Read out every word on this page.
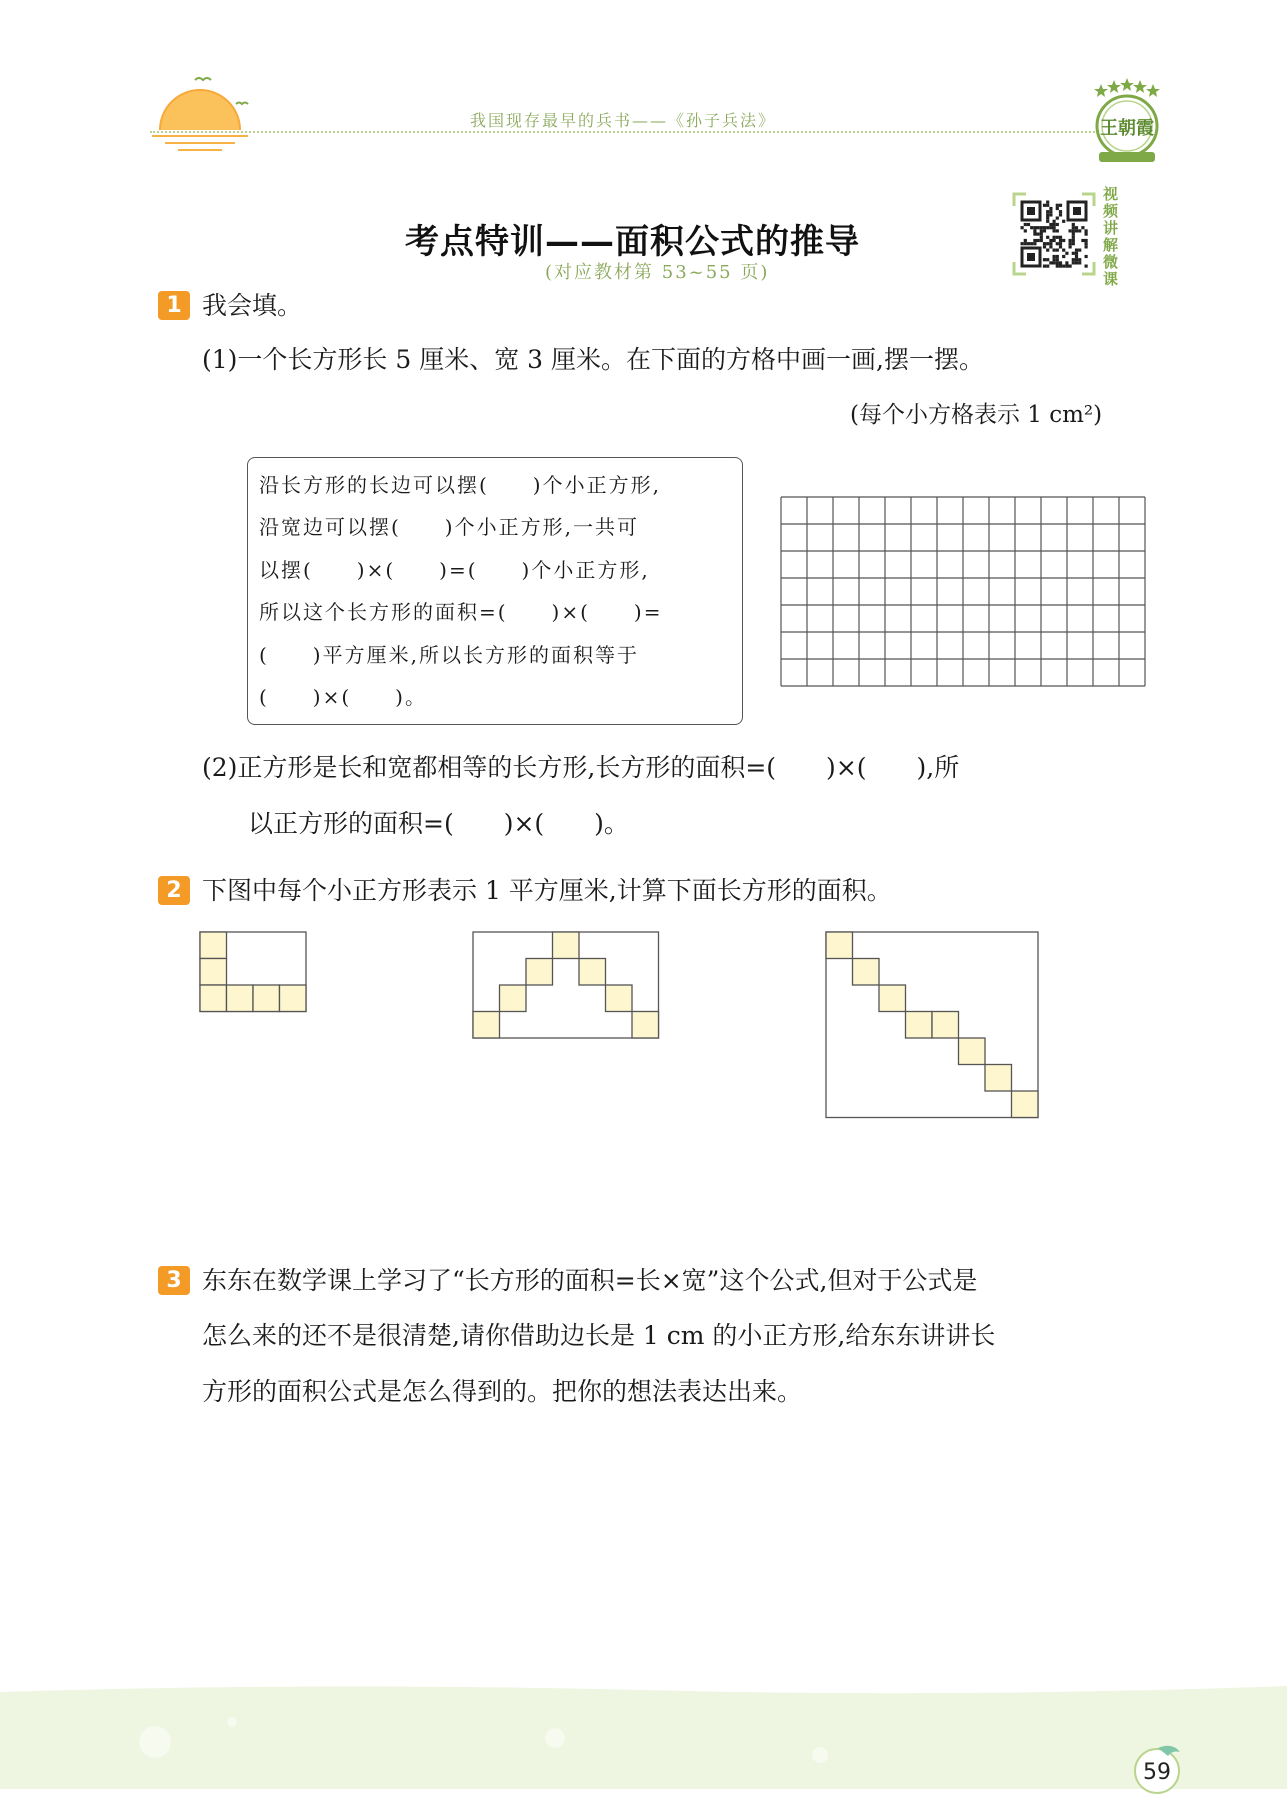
我国现存最早的兵书——《孙子兵法》	王朝霞
考点特训——面积公式的推导
(对应教材第 53~55 页)
视
频
讲
解
微
课
1 我会填。
(1)一个长方形长 5 厘米、宽 3 厘米。在下面的方格中画一画,摆一摆。
(每个小方格表示 1 cm²)
沿长方形的长边可以摆(　　)个小正方形,
沿宽边可以摆(　　)个小正方形,一共可
以摆(　　)×(　　)=(　　)个小正方形,
所以这个长方形的面积=(　　)×(　　)=
(　　)平方厘米,所以长方形的面积等于
(　　)×(　　)。
(2)正方形是长和宽都相等的长方形,长方形的面积=(　　)×(　　),所
以正方形的面积=(　　)×(　　)。
2 下图中每个小正方形表示 1 平方厘米,计算下面长方形的面积。
3 东东在数学课上学习了“长方形的面积=长×宽”这个公式,但对于公式是
怎么来的还不是很清楚,请你借助边长是 1 cm 的小正方形,给东东讲讲长
方形的面积公式是怎么得到的。把你的想法表达出来。
59
